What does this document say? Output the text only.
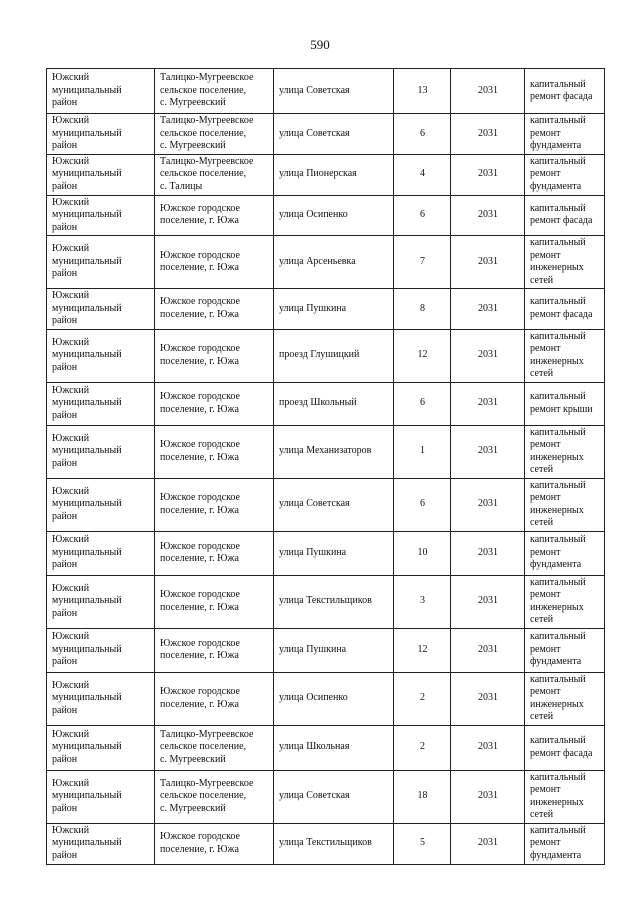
590
Южский
муниципальный
район	Талицко-Мугреевское
сельское поселение,
с. Мугреевский	улица Советская	13	2031	капитальный
ремонт фасада

Южский
муниципальный
район	Талицко-Мугреевское
сельское поселение,
с. Мугреевский	улица Советская	6	2031	капитальный
ремонт
фундамента

Южский
муниципальный
район	Талицко-Мугреевское
сельское поселение,
с. Талицы	улица Пионерская	4	2031	капитальный
ремонт
фундамента

Южский
муниципальный
район	Южское городское
поселение, г. Южа	улица Осипенко	6	2031	капитальный
ремонт фасада

Южский
муниципальный
район	Южское городское
поселение, г. Южа	улица Арсеньевка	7	2031	капитальный
ремонт
инженерных
сетей

Южский
муниципальный
район	Южское городское
поселение, г. Южа	улица Пушкина	8	2031	капитальный
ремонт фасада

Южский
муниципальный
район	Южское городское
поселение, г. Южа	проезд Глушицкий	12	2031	капитальный
ремонт
инженерных
сетей

Южский
муниципальный
район	Южское городское
поселение, г. Южа	проезд Школьный	6	2031	капитальный
ремонт крыши

Южский
муниципальный
район	Южское городское
поселение, г. Южа	улица Механизаторов	1	2031	капитальный
ремонт
инженерных
сетей

Южский
муниципальный
район	Южское городское
поселение, г. Южа	улица Советская	6	2031	капитальный
ремонт
инженерных
сетей

Южский
муниципальный
район	Южское городское
поселение, г. Южа	улица Пушкина	10	2031	капитальный
ремонт
фундамента

Южский
муниципальный
район	Южское городское
поселение, г. Южа	улица Текстильщиков	3	2031	капитальный
ремонт
инженерных
сетей

Южский
муниципальный
район	Южское городское
поселение, г. Южа	улица Пушкина	12	2031	капитальный
ремонт
фундамента

Южский
муниципальный
район	Южское городское
поселение, г. Южа	улица Осипенко	2	2031	капитальный
ремонт
инженерных
сетей

Южский
муниципальный
район	Талицко-Мугреевское
сельское поселение,
с. Мугреевский	улица Школьная	2	2031	капитальный
ремонт фасада

Южский
муниципальный
район	Талицко-Мугреевское
сельское поселение,
с. Мугреевский	улица Советская	18	2031	капитальный
ремонт
инженерных
сетей

Южский
муниципальный
район	Южское городское
поселение, г. Южа	улица Текстильщиков	5	2031	капитальный
ремонт
фундамента
